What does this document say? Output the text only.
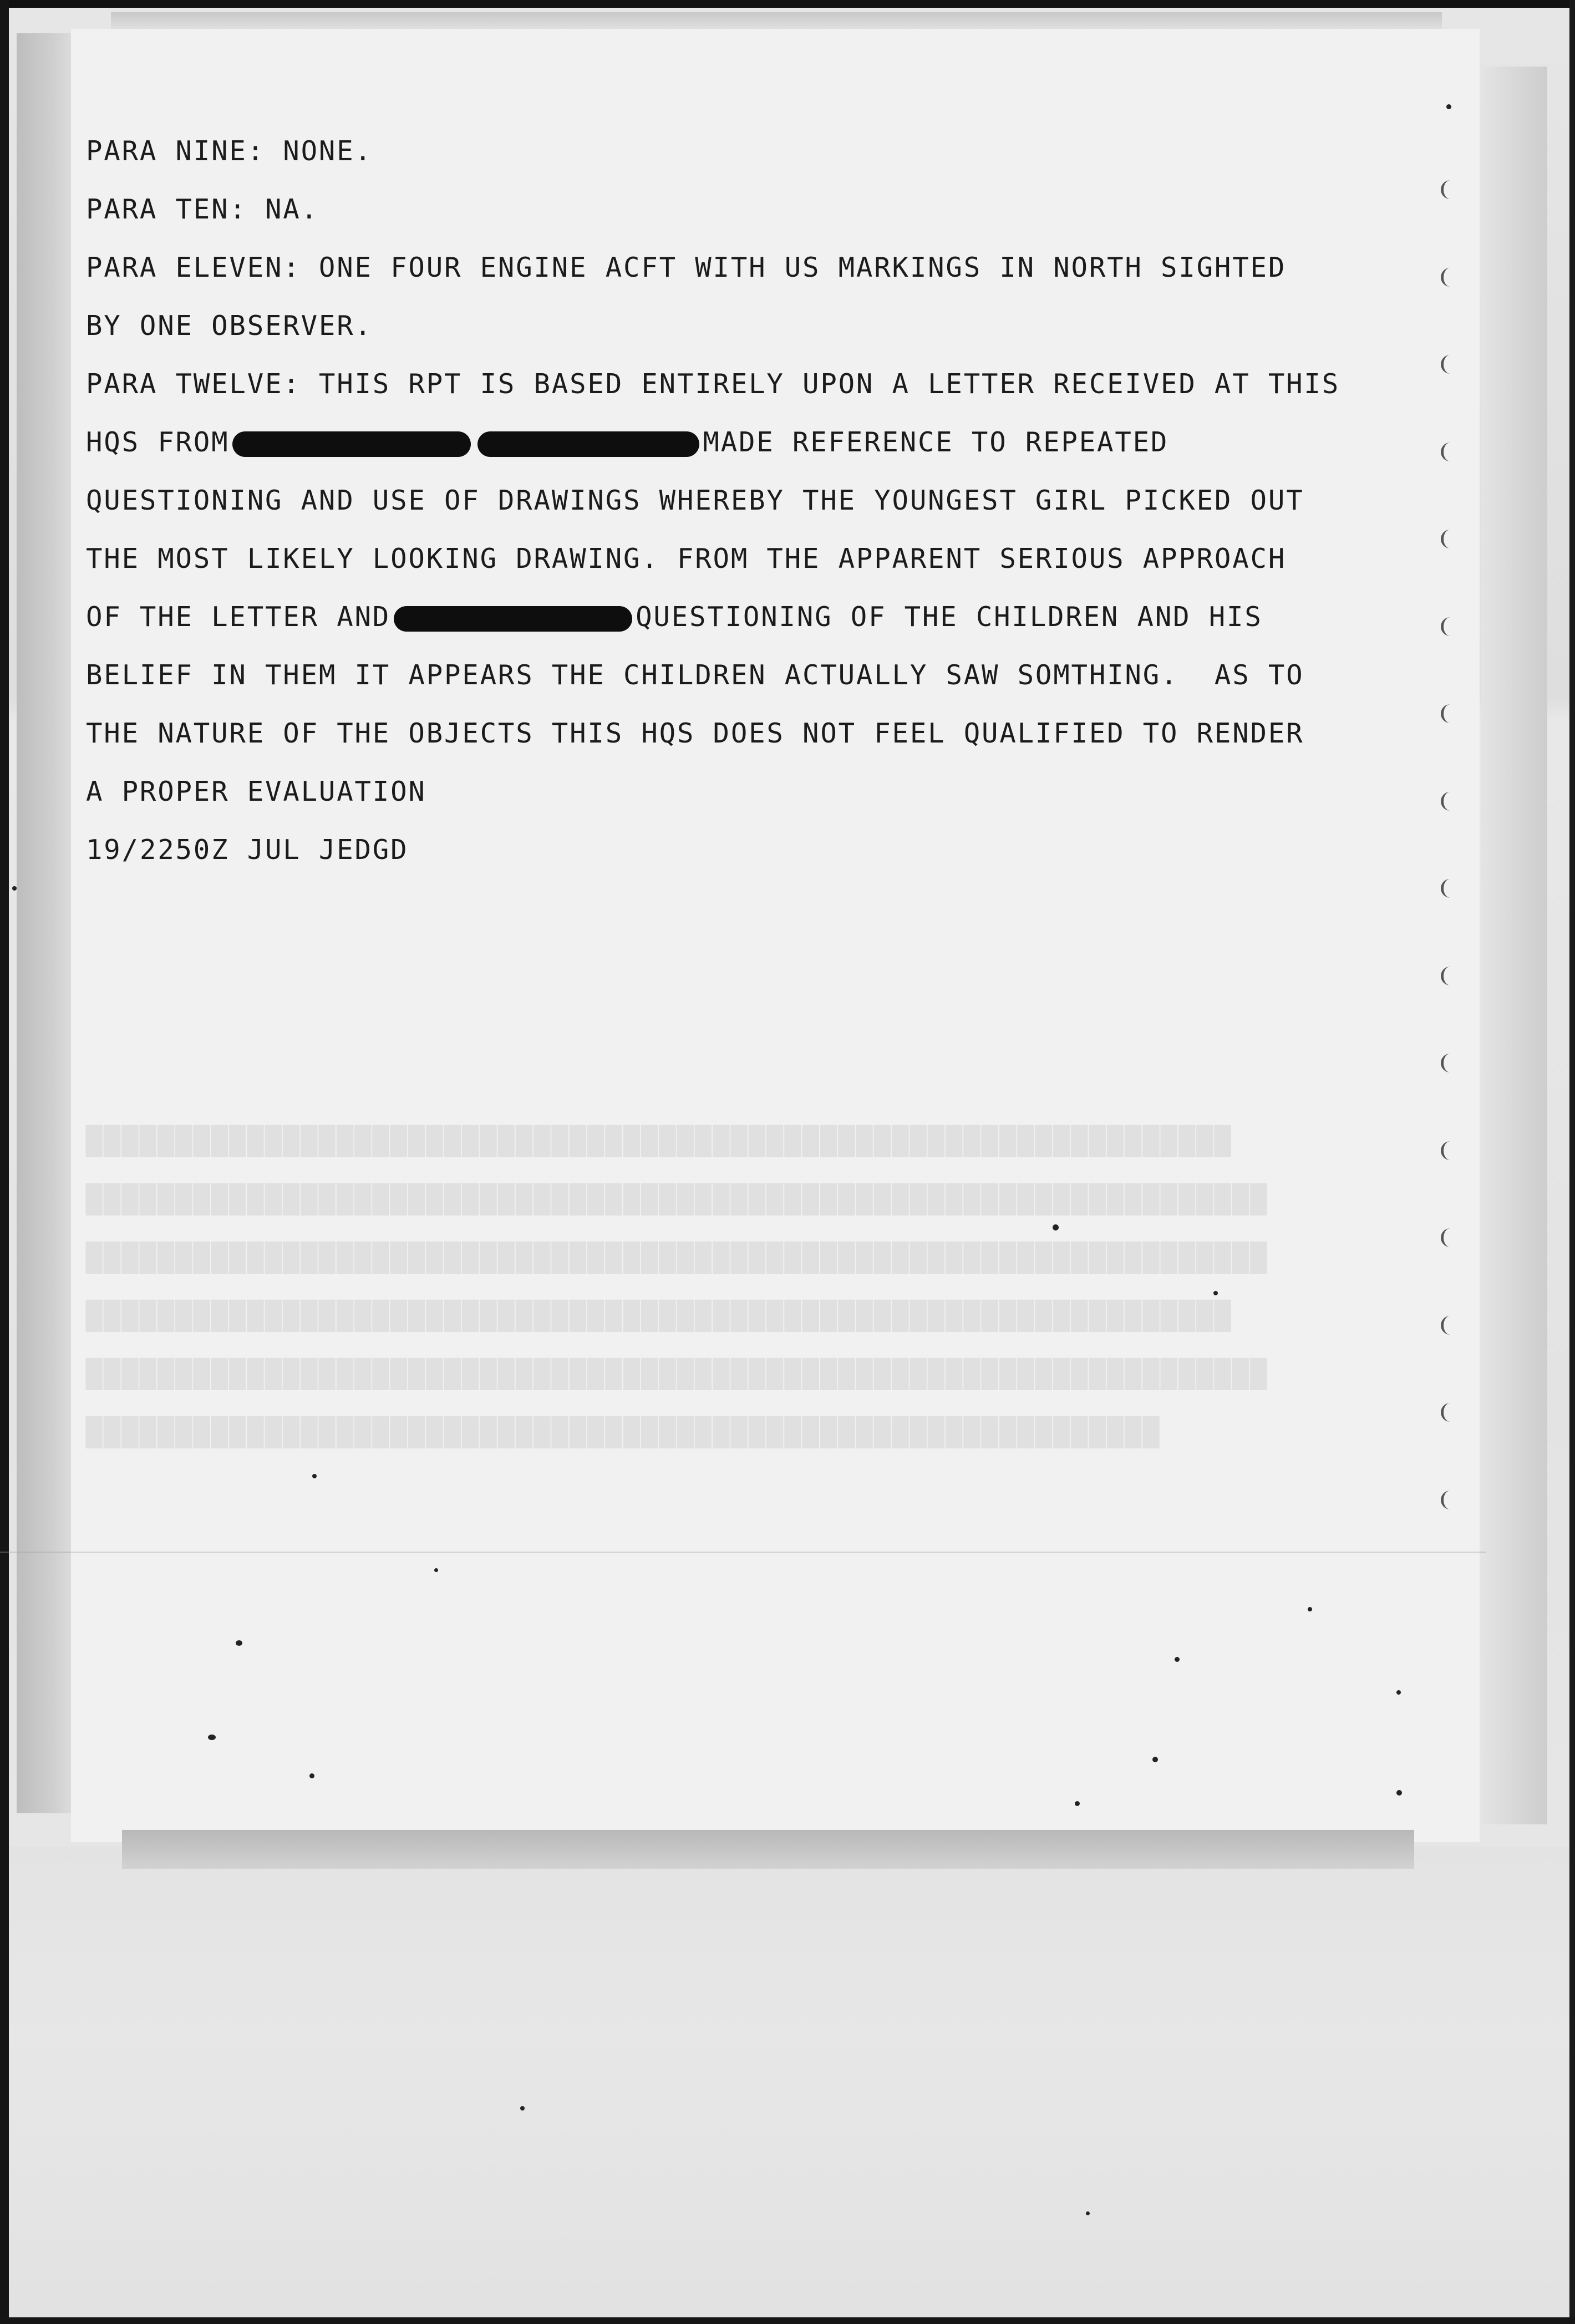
PARA NINE: NONE.

PARA TEN: NA.

PARA ELEVEN: ONE FOUR ENGINE ACFT WITH US MARKINGS IN NORTH SIGHTED

BY ONE OBSERVER.

PARA TWELVE: THIS RPT IS BASED ENTIRELY UPON A LETTER RECEIVED AT THIS

HQS FROM	MADE REFERENCE TO REPEATED

QUESTIONING AND USE OF DRAWINGS WHEREBY THE YOUNGEST GIRL PICKED OUT

THE MOST LIKELY LOOKING DRAWING. FROM THE APPARENT SERIOUS APPROACH

OF THE LETTER AND	QUESTIONING OF THE CHILDREN AND HIS

BELIEF IN THEM IT APPEARS THE CHILDREN ACTUALLY SAW SOMTHING.  AS TO

THE NATURE OF THE OBJECTS THIS HQS DOES NOT FEEL QUALIFIED TO RENDER

A PROPER EVALUATION

19/2250Z JUL JEDGD

████████████████████████████████████████████████████████████
██████████████████████████████████████████████████████████████████
████████████████████████████████████████████████████████████████
██████████████████████████████████████████████████████████████████
██████████████████████████████████████████████████████████████████
████████████████████████████████████████████████████████████████
